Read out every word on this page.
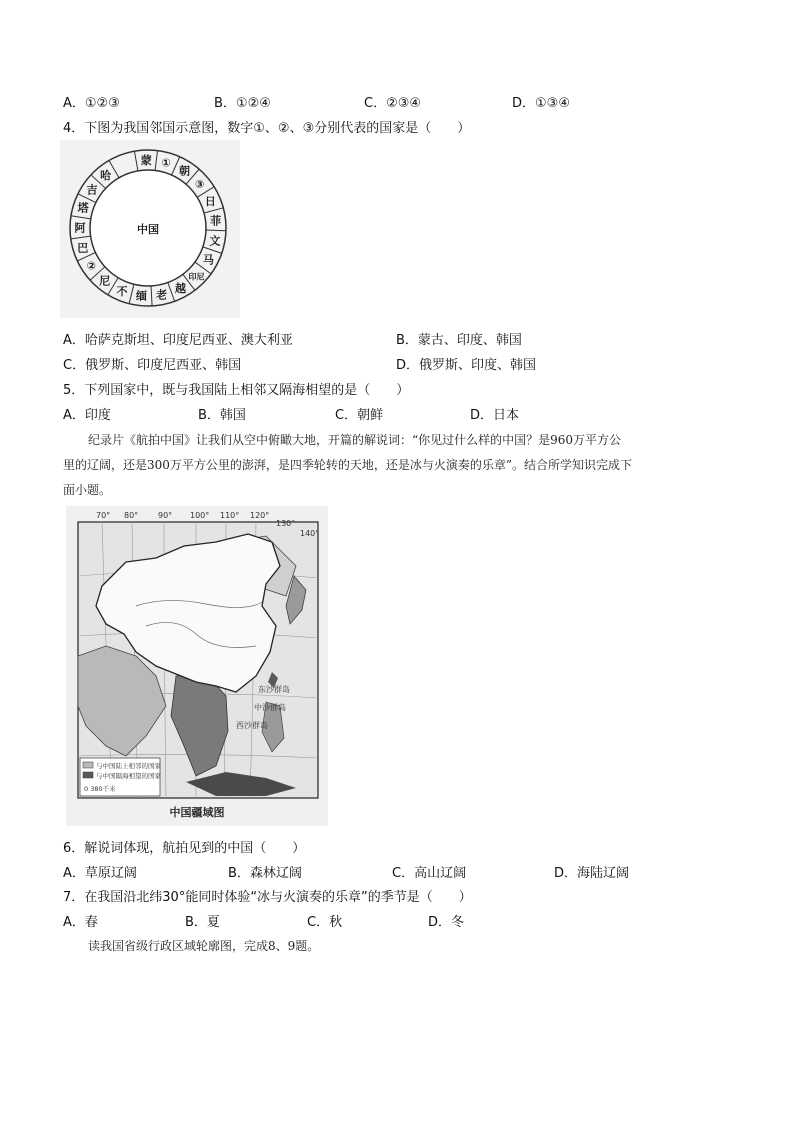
A．①②③	B．①②④	C．②③④	D．①③④
4．下图为我国邻国示意图，数字①、②、③分别代表的国家是（　　）
蒙 ①
朝
③
日
菲
文
马
印尼
越
老
缅
不
尼
②
巴
阿
塔
吉
哈
中国
A．哈萨克斯坦、印度尼西亚、澳大利亚	B．蒙古、印度、韩国
C．俄罗斯、印度尼西亚、韩国	D．俄罗斯、印度、韩国
5．下列国家中，既与我国陆上相邻又隔海相望的是（　　）
A．印度	B．韩国	C．朝鲜	D．日本
纪录片《航拍中国》让我们从空中俯瞰大地，开篇的解说词：“你见过什么样的中国？是960万平方公
里的辽阔，还是300万平方公里的澎湃，是四季轮转的天地，还是冰与火演奏的乐章”。结合所学知识完成下
面小题。
70° 80° 90° 100° 110° 120°
130°
140°
东沙群岛
中沙群岛
西沙群岛
与中国陆上相邻的国家
与中国隔海相望的国家
0 380千米
中国疆域图
6．解说词体现，航拍见到的中国（　　）
A．草原辽阔	B．森林辽阔	C．高山辽阔	D．海陆辽阔
7．在我国沿北纬30°能同时体验“冰与火演奏的乐章”的季节是（　　）
A．春	B．夏	C．秋	D．冬
读我国省级行政区域轮廓图，完成8、9题。
